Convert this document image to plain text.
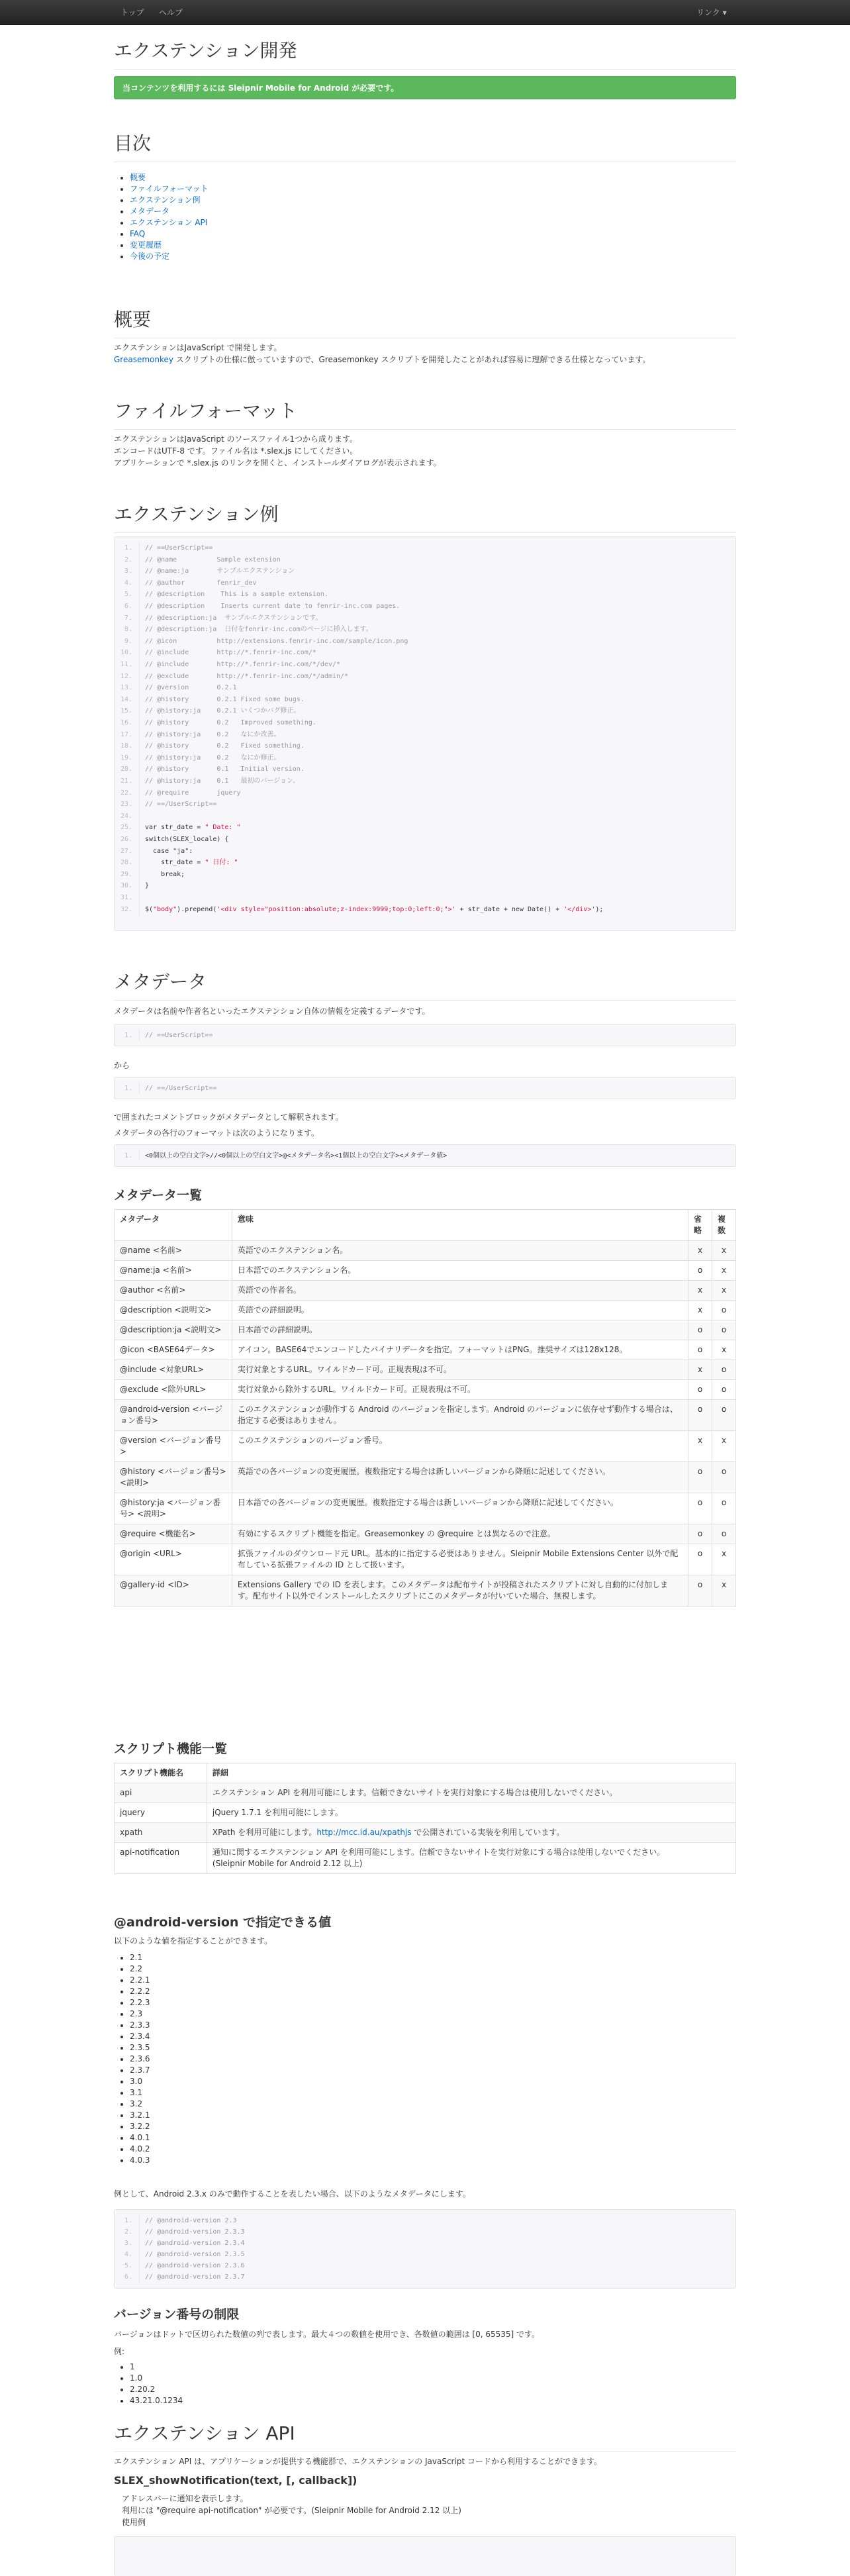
トップ ヘルプ	リンク ▾
エクステンション開発
当コンテンツを利用するには Sleipnir Mobile for Android が必要です。
目次
• 概要
• ファイルフォーマット
• エクステンション例
• メタデータ
• エクステンション API
• FAQ
• 変更履歴
• 今後の予定
概要

エクステンションはJavaScript で開発します。

Greasemonkey スクリプトの仕様に倣っていますので、Greasemonkey スクリプトを開発したことがあれば容易に理解できる仕様となっています。

ファイルフォーマット

エクステンションはJavaScript のソースファイル1つから成ります。

エンコードはUTF-8 です。ファイル名は *.slex.js にしてください。

アプリケーションで *.slex.js のリンクを開くと、インストールダイアログが表示されます。

エクステンション例
1. // ==UserScript==
2. // @name          Sample extension
3. // @name:ja       サンプルエクステンション
4. // @author        fenrir_dev
5. // @description    This is a sample extension.
6. // @description    Inserts current date to fenrir-inc.com pages.
7. // @description:ja  サンプルエクステンションです。
8. // @description:ja  日付をfenrir-inc.comのページに挿入します。
9. // @icon          http://extensions.fenrir-inc.com/sample/icon.png
10. // @include       http://*.fenrir-inc.com/*
11. // @include       http://*.fenrir-inc.com/*/dev/*
12. // @exclude       http://*.fenrir-inc.com/*/admin/*
13. // @version       0.2.1
14. // @history       0.2.1 Fixed some bugs.
15. // @history:ja    0.2.1 いくつかバグ修正。
16. // @history       0.2   Improved something.
17. // @history:ja    0.2   なにか改善。
18. // @history       0.2   Fixed something.
19. // @history:ja    0.2   なにか修正。
20. // @history       0.1   Initial version.
21. // @history:ja    0.1   最初のバージョン。
22. // @require       jquery
23. // ==/UserScript==
24.
25. var str_date = " Date: "
26. switch(SLEX_locale) {
27.  case "ja":
28.    str_date = " 日付: "
29.    break;
30. }
31.
32. $("body").prepend('<div style="position:absolute;z-index:9999;top:0;left:0;">' + str_date + new Date() + '</div>');
メタデータ

メタデータは名前や作者名といったエクステンション自体の情報を定義するデータです。

1. // ==UserScript==

から

1. // ==/UserScript==

で囲まれたコメントブロックがメタデータとして解釈されます。

メタデータの各行のフォーマットは次のようになります。

1. <0個以上の空白文字>//<0個以上の空白文字>@<メタデータ名><1個以上の空白文字><メタデータ値>
メタデータ一覧
メタデータ	意味	省略	複数
@name <名前>	英語でのエクステンション名。	x	x
@name:ja <名前>	日本語でのエクステンション名。	o	x
@author <名前>	英語での作者名。	x	x
@description <説明文>	英語での詳細説明。	x	o
@description:ja <説明文>	日本語での詳細説明。	o	o
@icon <BASE64データ>	アイコン。BASE64でエンコードしたバイナリデータを指定。フォーマットはPNG。推奨サイズは128x128。	o	x
@include <対象URL>	実行対象とするURL。ワイルドカード可。正規表現は不可。	x	o
@exclude <除外URL>	実行対象から除外するURL。ワイルドカード可。正規表現は不可。	o	o
@android-version <バージョン番号>	このエクステンションが動作する Android のバージョンを指定します。Android のバージョンに依存せず動作する場合は、指定する必要はありません。	o	o
@version <バージョン番号>	このエクステンションのバージョン番号。	x	x
@history <バージョン番号> <説明>	英語での各バージョンの変更履歴。複数指定する場合は新しいバージョンから降順に記述してください。	o	o
@history:ja <バージョン番号> <説明>	日本語での各バージョンの変更履歴。複数指定する場合は新しいバージョンから降順に記述してください。	o	o
@require <機能名>	有効にするスクリプト機能を指定。Greasemonkey の @require とは異なるので注意。	o	o
@origin <URL>	拡張ファイルのダウンロード元 URL。基本的に指定する必要はありません。Sleipnir Mobile Extensions Center 以外で配布している拡張ファイルの ID として扱います。	o	x
@gallery-id <ID>	Extensions Gallery での ID を表します。このメタデータは配布サイトが投稿されたスクリプトに対し自動的に付加します。配布サイト以外でインストールしたスクリプトにこのメタデータが付いていた場合、無視します。	o	x
スクリプト機能一覧
スクリプト機能名	詳細
api	エクステンション API を利用可能にします。信頼できないサイトを実行対象にする場合は使用しないでください。
jquery	jQuery 1.7.1 を利用可能にします。
xpath	XPath を利用可能にします。http://mcc.id.au/xpathjs で公開されている実装を利用しています。
api-notification	通知に関するエクステンション API を利用可能にします。信頼できないサイトを実行対象にする場合は使用しないでください。
(Sleipnir Mobile for Android 2.12 以上)
@android-version で指定できる値

以下のような値を指定することができます。

• 2.1
• 2.2
• 2.2.1
• 2.2.2
• 2.2.3
• 2.3
• 2.3.3
• 2.3.4
• 2.3.5
• 2.3.6
• 2.3.7
• 3.0
• 3.1
• 3.2
• 3.2.1
• 3.2.2
• 4.0.1
• 4.0.2
• 4.0.3

例として、Android 2.3.x のみで動作することを表したい場合、以下のようなメタデータにします。

1. // @android-version 2.3
2. // @android-version 2.3.3
3. // @android-version 2.3.4
4. // @android-version 2.3.5
5. // @android-version 2.3.6
6. // @android-version 2.3.7
バージョン番号の制限

バージョンはドットで区切られた数値の列で表します。最大４つの数値を使用でき、各数値の範囲は [0, 65535] です。

例:

• 1
• 1.0
• 2.20.2
• 43.21.0.1234
エクステンション API

エクステンション API は、アプリケーションが提供する機能群で、エクステンションの JavaScript コードから利用することができます。

SLEX_showNotification(text, [, callback])

アドレスバーに通知を表示します。

利用には "@require api-notification" が必要です。(Sleipnir Mobile for Android 2.12 以上)

使用例
